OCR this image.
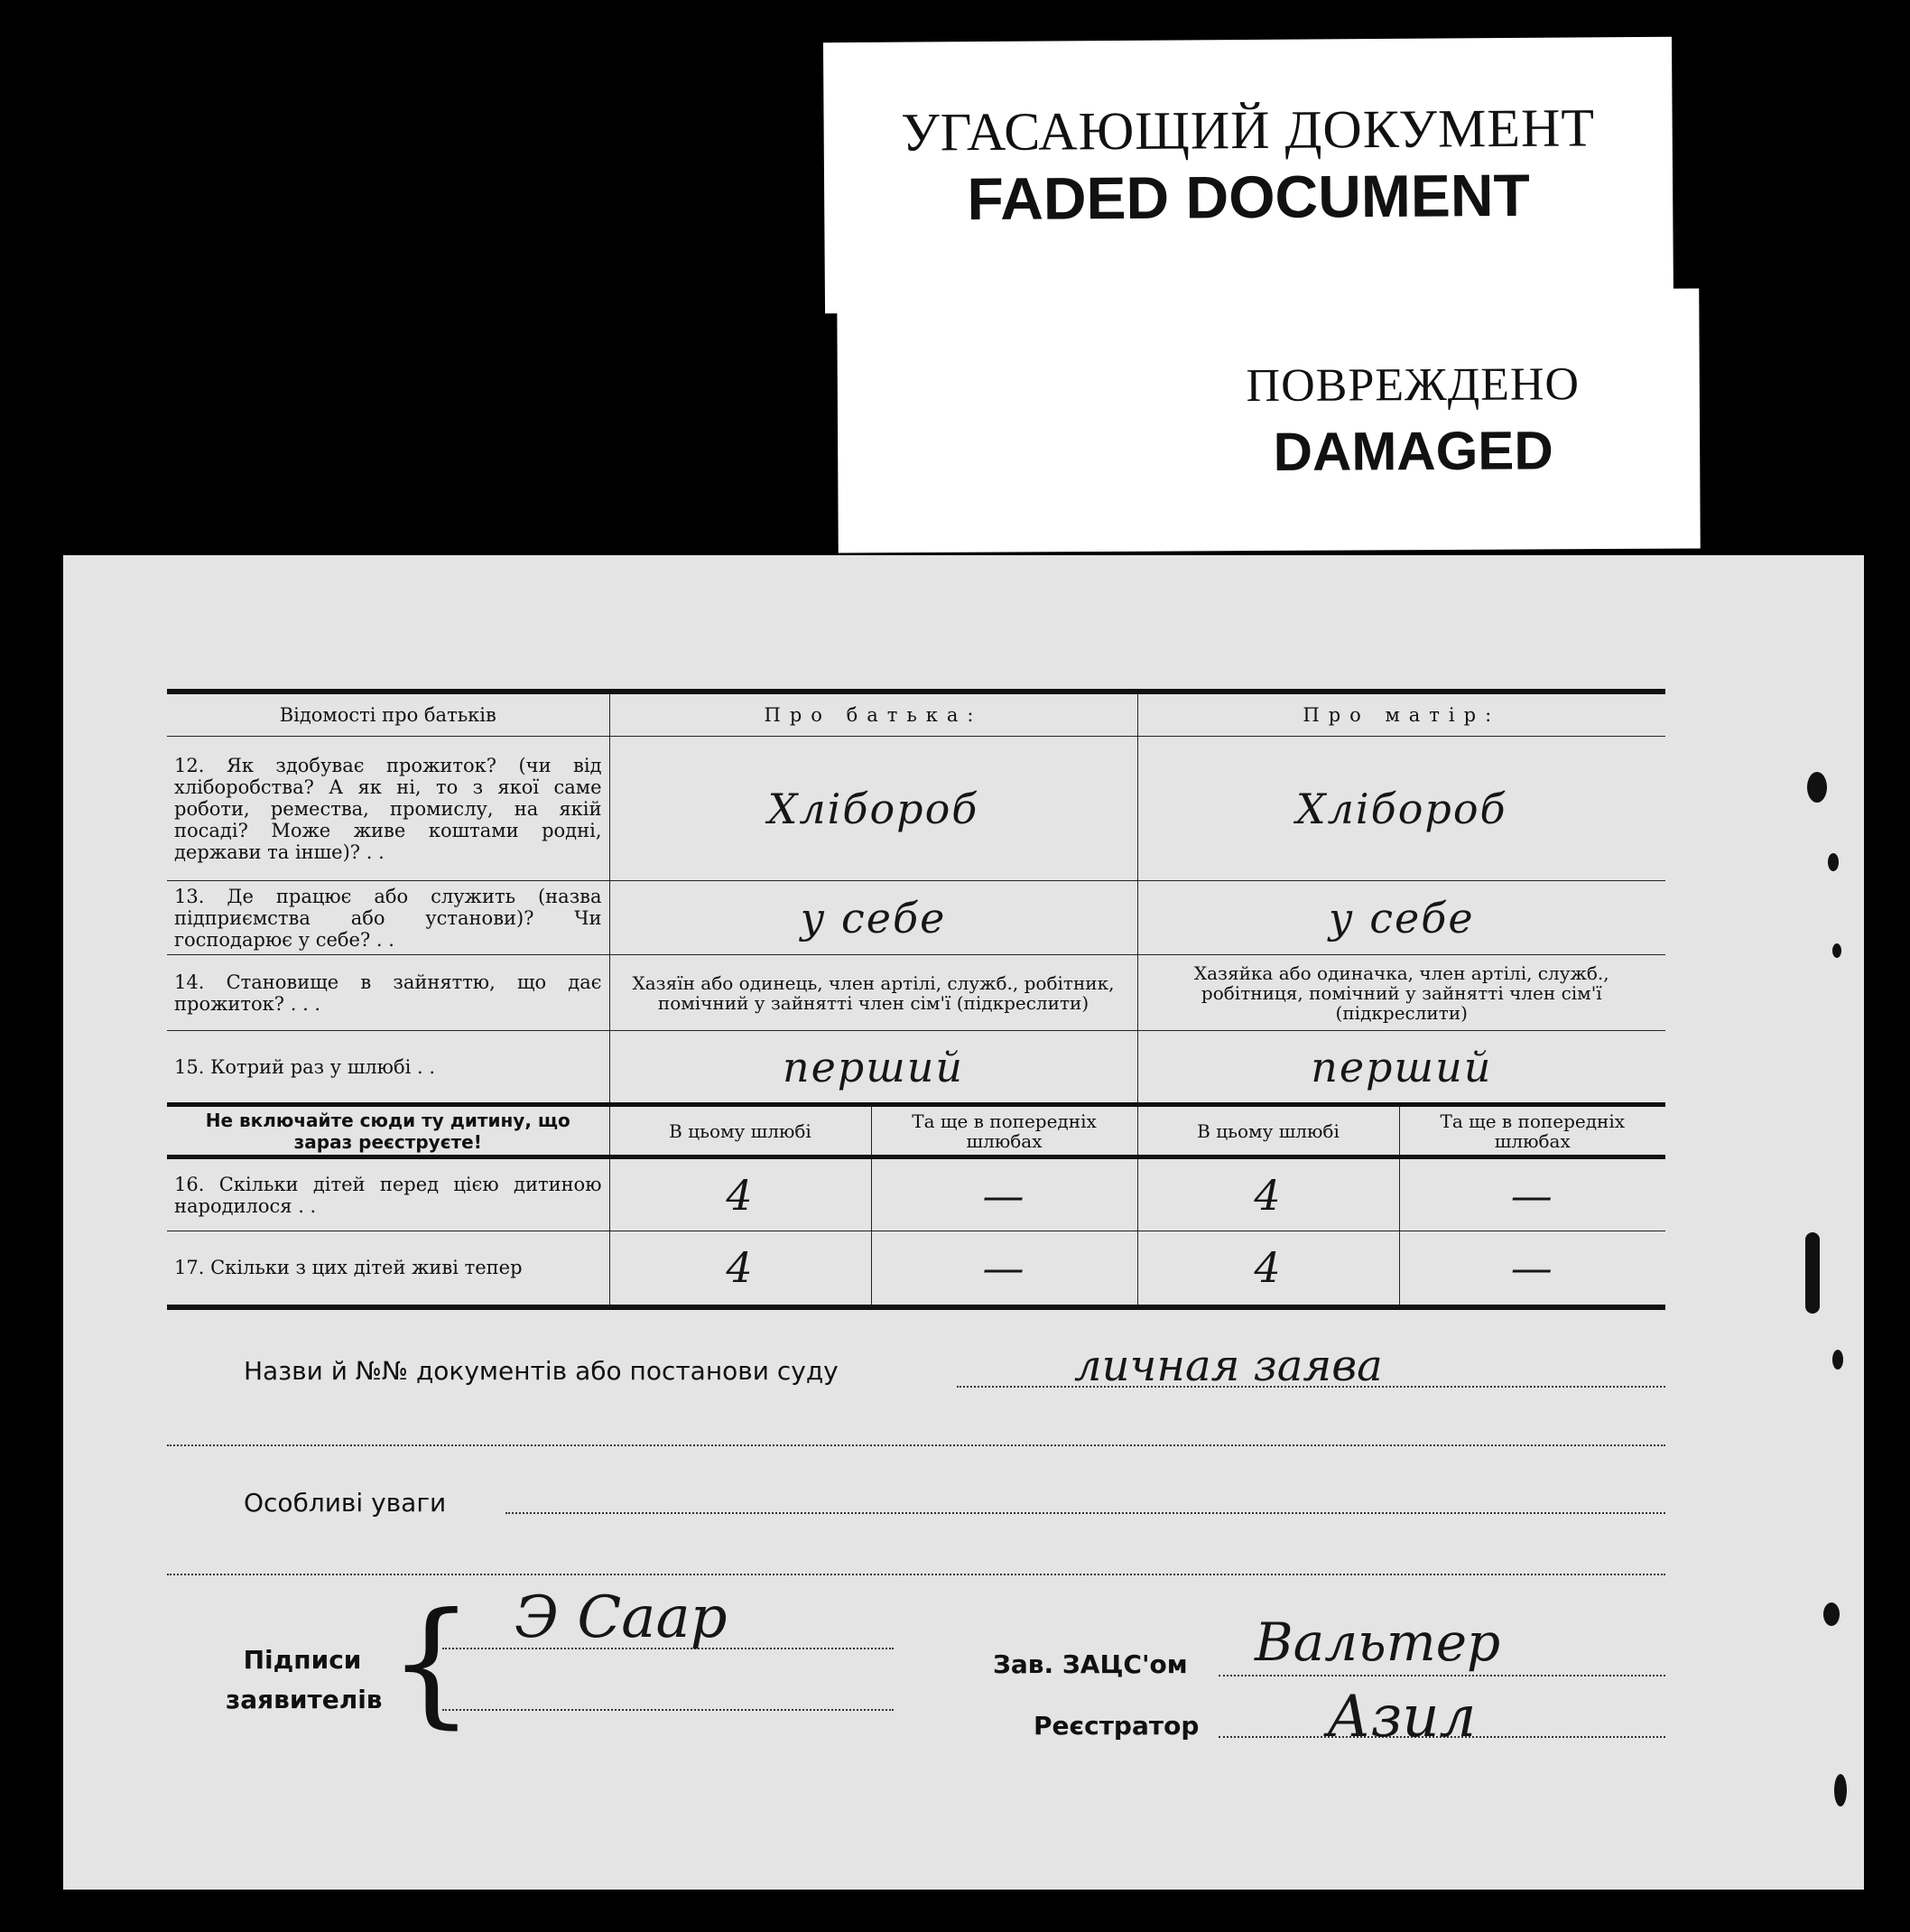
УГАСАЮЩИЙ ДОКУМЕНТ
FADED DOCUMENT
ПОВРЕЖДЕНО
DAMAGED
Відомості про батьків	Про батька:		Про матір:	
12. Як здобуває прожиток? (чи від хліборобства? А як ні, то з якої саме роботи, ремества, промислу, на якій посаді? Може живе коштами родні, держави та інше)? . .	Хлібороб		Хлібороб	
13. Де працює або служить (назва підприємства або установи)? Чи господарює у себе? . .	у себе		у себе	
14. Становище в зайняттю, що дає прожиток? . . .	Хазяїн або одинець, член артілі, служб., робітник, помічний у зайнятті член сім'ї (підкреслити)		Хазяйка або одиначка, член артілі, служб., робітниця, помічний у зайнятті член сім'ї (підкреслити)	
15. Котрий раз у шлюбі . .	перший		перший	
Не включайте сюди ту дитину, що зараз реєструєте!	В цьому шлюбі	Та ще в попередніх шлюбах	В цьому шлюбі	Та ще в попередніх шлюбах
16. Скільки дітей перед цією дитиною народилося . .	4	—	4	—
17. Скільки з цих дітей живі тепер	4	—	4	—
Назви й №№ документів або постанови суду	личная заява
Особливі уваги
Підписи заявителів { Э Саар
Зав. ЗАЦС'ом Вальтер
Реєстратор Азил
